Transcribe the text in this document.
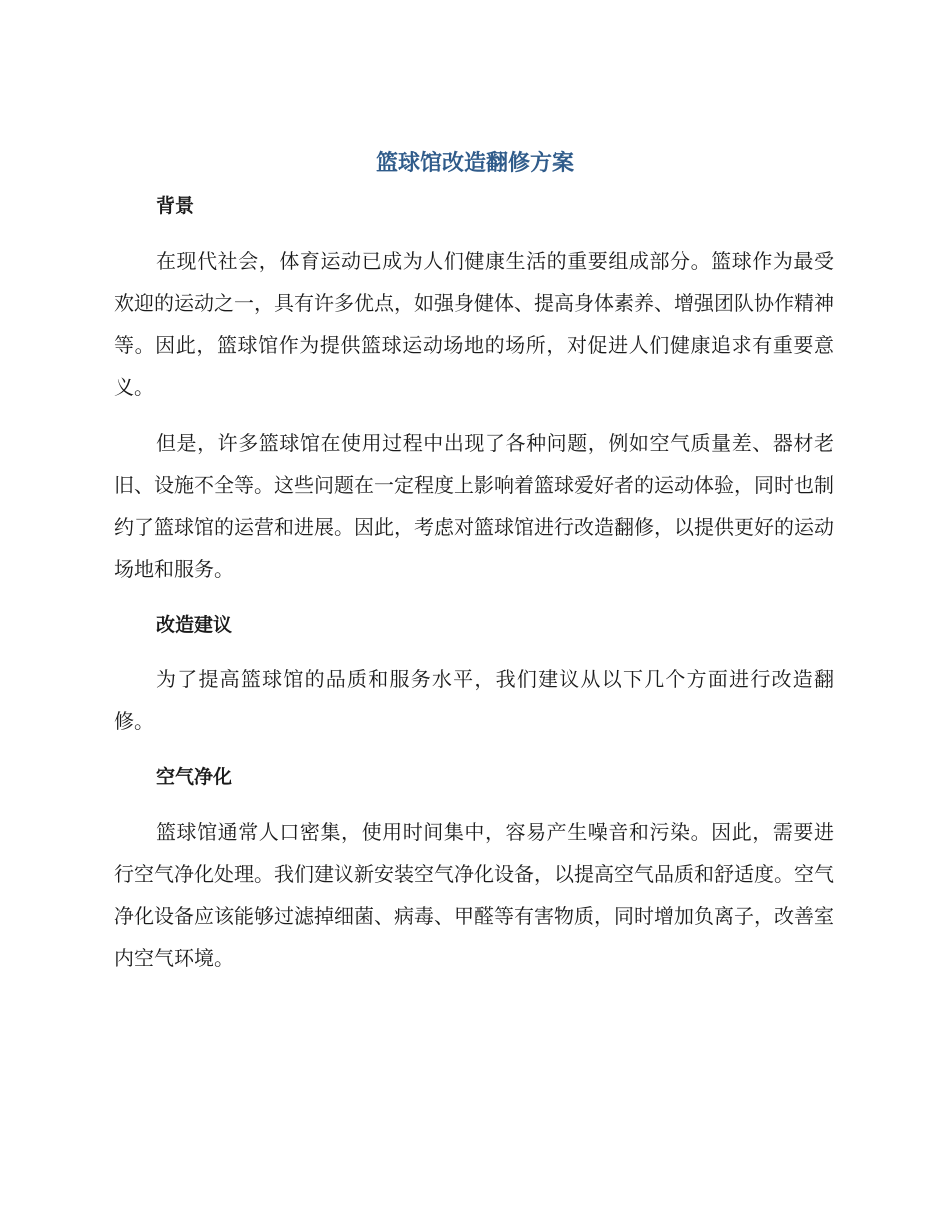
篮球馆改造翻修方案
背景

在现代社会，体育运动已成为人们健康生活的重要组成部分。篮球作为最受欢迎的运动之一，具有许多优点，如强身健体、提高身体素养、增强团队协作精神等。因此，篮球馆作为提供篮球运动场地的场所，对促进人们健康追求有重要意义。

但是，许多篮球馆在使用过程中出现了各种问题，例如空气质量差、器材老旧、设施不全等。这些问题在一定程度上影响着篮球爱好者的运动体验，同时也制约了篮球馆的运营和进展。因此，考虑对篮球馆进行改造翻修，以提供更好的运动场地和服务。

改造建议

为了提高篮球馆的品质和服务水平，我们建议从以下几个方面进行改造翻修。

空气净化

篮球馆通常人口密集，使用时间集中，容易产生噪音和污染。因此，需要进行空气净化处理。我们建议新安装空气净化设备，以提高空气品质和舒适度。空气净化设备应该能够过滤掉细菌、病毒、甲醛等有害物质，同时增加负离子，改善室内空气环境。
